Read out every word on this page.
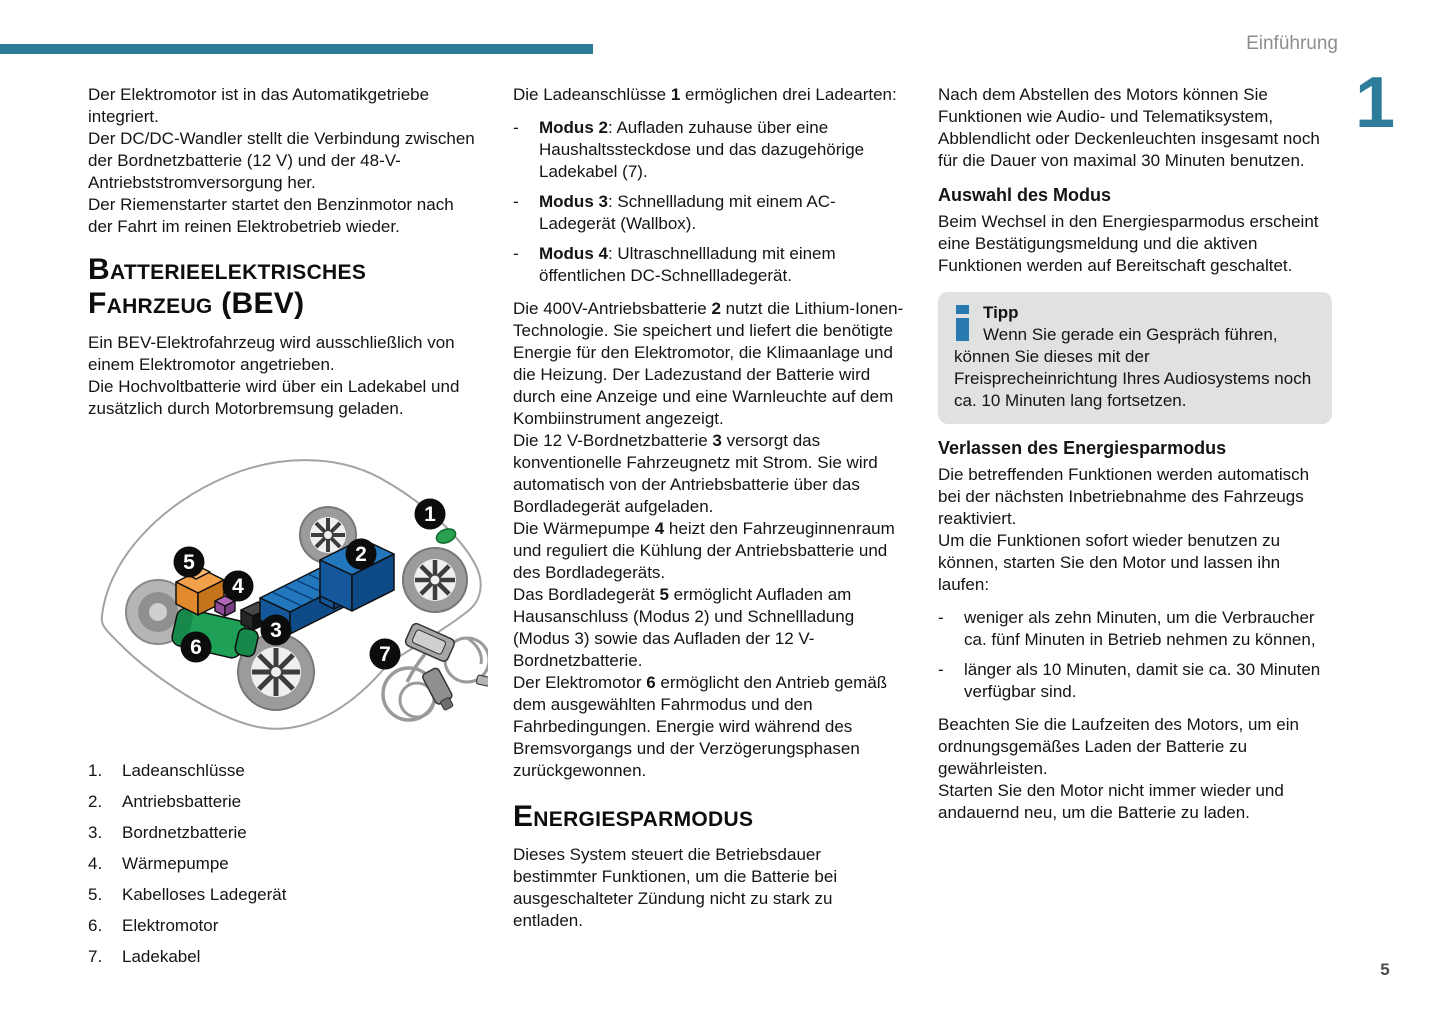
Einführung
1
5

Der Elektromotor ist in das Automatikgetriebe integriert.

Der DC/DC-Wandler stellt die Verbindung zwischen der Bordnetzbatterie (12 V) und der 48-V-Antriebststromversorgung her.

Der Riemenstarter startet den Benzinmotor nach der Fahrt im reinen Elektrobetrieb wieder.

Batterieelektrisches Fahrzeug (BEV)

Ein BEV-Elektrofahrzeug wird ausschließlich von einem Elektromotor angetrieben.

Die Hochvoltbatterie wird über ein Ladekabel und zusätzlich durch Motorbremsung geladen.

1
2
3
4
5
6	7
1.	Ladeanschlüsse
2.	Antriebsbatterie
3.	Bordnetzbatterie
4.	Wärmepumpe
5.	Kabelloses Ladegerät
6.	Elektromotor
7.	Ladekabel

Die Ladeanschlüsse 1 ermöglichen drei Ladearten:

-	Modus 2: Aufladen zuhause über eine Haushaltssteckdose und das dazugehörige Ladekabel (7).
-	Modus 3: Schnellladung mit einem AC-Ladegerät (Wallbox).
-	Modus 4: Ultraschnellladung mit einem öffentlichen DC-Schnellladegerät.

Die 400V-Antriebsbatterie 2 nutzt die Lithium-Ionen-Technologie. Sie speichert und liefert die benötigte Energie für den Elektromotor, die Klimaanlage und die Heizung. Der Ladezustand der Batterie wird durch eine Anzeige und eine Warnleuchte auf dem Kombiinstrument angezeigt.

Die 12 V-Bordnetzbatterie 3 versorgt das konventionelle Fahrzeugnetz mit Strom. Sie wird automatisch von der Antriebsbatterie über das Bordladegerät aufgeladen.

Die Wärmepumpe 4 heizt den Fahrzeuginnenraum und reguliert die Kühlung der Antriebsbatterie und des Bordladegeräts.

Das Bordladegerät 5 ermöglicht Aufladen am Hausanschluss (Modus 2) und Schnellladung (Modus 3) sowie das Aufladen der 12 V-Bordnetzbatterie.

Der Elektromotor 6 ermöglicht den Antrieb gemäß dem ausgewählten Fahrmodus und den Fahrbedingungen. Energie wird während des Bremsvorgangs und der Verzögerungsphasen zurückgewonnen.

Energiesparmodus

Dieses System steuert die Betriebsdauer bestimmter Funktionen, um die Batterie bei ausgeschalteter Zündung nicht zu stark zu entladen.

Nach dem Abstellen des Motors können Sie Funktionen wie Audio- und Telematiksystem, Abblendlicht oder Deckenleuchten insgesamt noch für die Dauer von maximal 30 Minuten benutzen.

Auswahl des Modus

Beim Wechsel in den Energiesparmodus erscheint eine Bestätigungsmeldung und die aktiven Funktionen werden auf Bereitschaft geschaltet.

Tipp
Wenn Sie gerade ein Gespräch führen, können Sie dieses mit der Freisprecheinrichtung Ihres Audiosystems noch ca. 10 Minuten lang fortsetzen.
Verlassen des Energiesparmodus

Die betreffenden Funktionen werden automatisch bei der nächsten Inbetriebnahme des Fahrzeugs reaktiviert.

Um die Funktionen sofort wieder benutzen zu können, starten Sie den Motor und lassen ihn laufen:

-	weniger als zehn Minuten, um die Verbraucher ca. fünf Minuten in Betrieb nehmen zu können,
-	länger als 10 Minuten, damit sie ca. 30 Minuten verfügbar sind.

Beachten Sie die Laufzeiten des Motors, um ein ordnungsgemäßes Laden der Batterie zu gewährleisten.

Starten Sie den Motor nicht immer wieder und andauernd neu, um die Batterie zu laden.
